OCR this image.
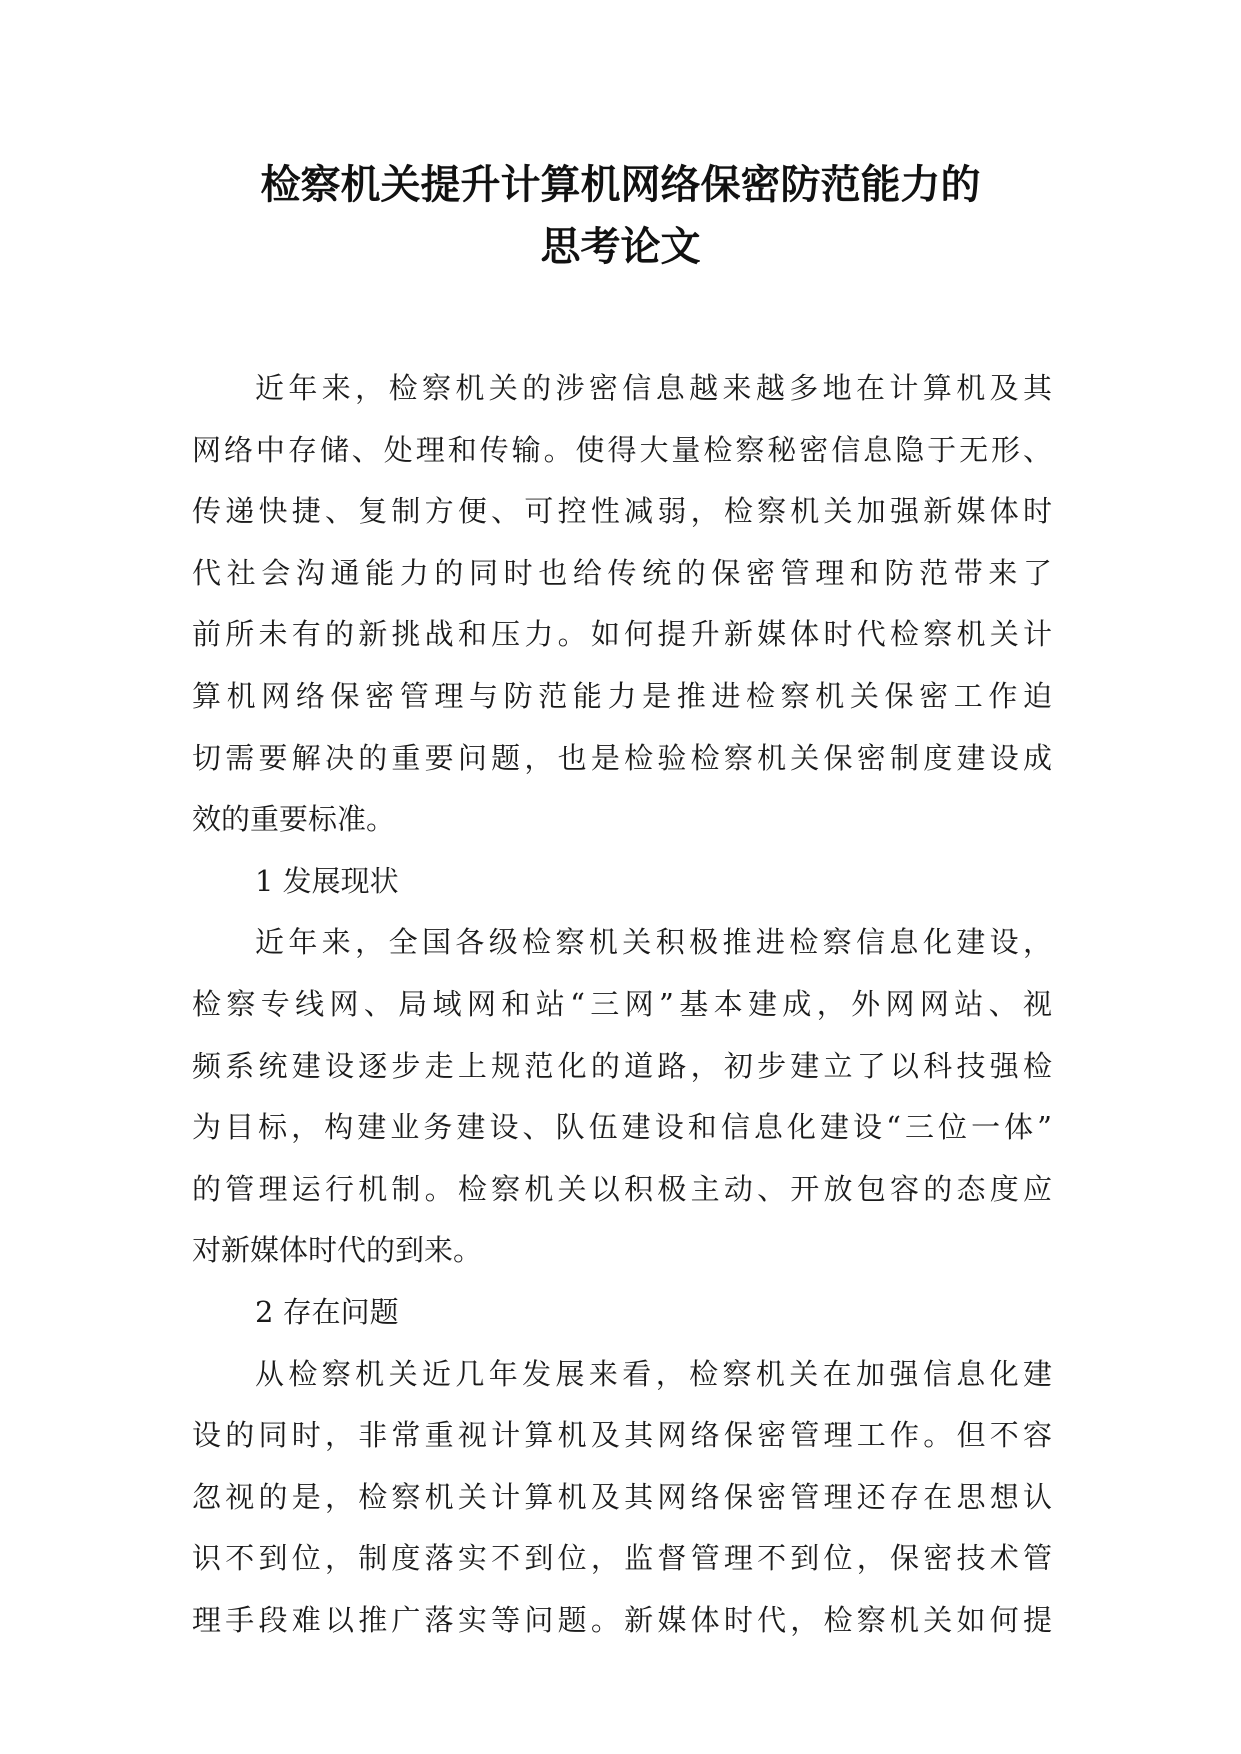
检察机关提升计算机网络保密防范能力的
思考论文
近年来，检察机关的涉密信息越来越多地在计算机及其
网络中存储、处理和传输。使得大量检察秘密信息隐于无形、
传递快捷、复制方便、可控性减弱，检察机关加强新媒体时
代社会沟通能力的同时也给传统的保密管理和防范带来了
前所未有的新挑战和压力。如何提升新媒体时代检察机关计
算机网络保密管理与防范能力是推进检察机关保密工作迫
切需要解决的重要问题，也是检验检察机关保密制度建设成
效的重要标准。
1 发展现状
近年来，全国各级检察机关积极推进检察信息化建设，
检察专线网、局域网和站“三网”基本建成，外网网站、视
频系统建设逐步走上规范化的道路，初步建立了以科技强检
为目标，构建业务建设、队伍建设和信息化建设“三位一体”
的管理运行机制。检察机关以积极主动、开放包容的态度应
对新媒体时代的到来。
2 存在问题
从检察机关近几年发展来看，检察机关在加强信息化建
设的同时，非常重视计算机及其网络保密管理工作。但不容
忽视的是，检察机关计算机及其网络保密管理还存在思想认
识不到位，制度落实不到位，监督管理不到位，保密技术管
理手段难以推广落实等问题。新媒体时代，检察机关如何提
